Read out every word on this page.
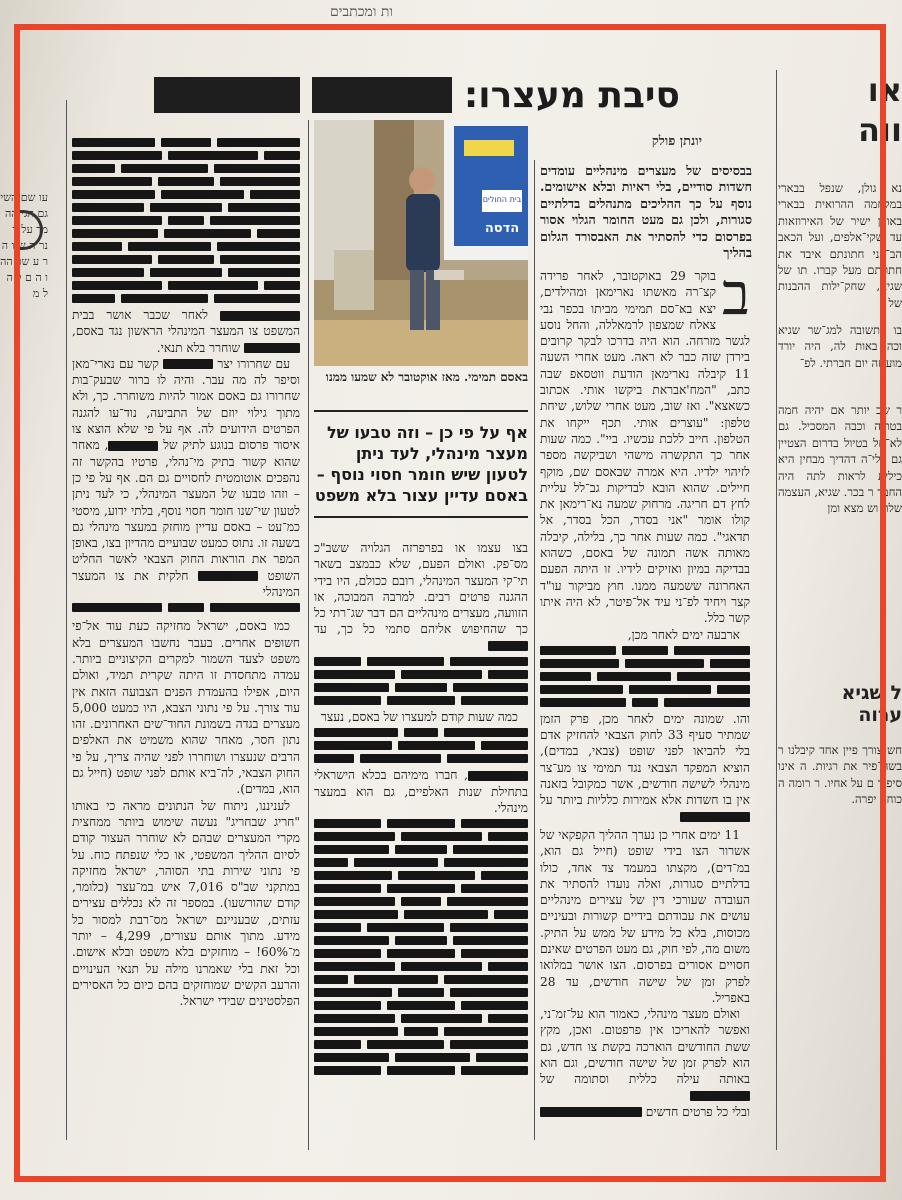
ות ומכתבים
עו שם השי גם הגי הה מד על ר נר ה ש ו ה ר ע שכ הה ו ה ם ל ה ל מ
או
ווה
נא גולן, שנפל בבארי במלחמה ההרואית בבארי באופן ישיר של האירוזאות עד שקי־אלפים, ועל הכאב הב־פני חתונתם איבד את חתונתם מעל קברו. תו של שגיא, שחק־ילות ההבנות של
בו בתשובה למג־שר שגיא וכה באות לה, היה יורד מוע־זה יום חברתי. לפ־
ר שב יותר אם יהיה חמה בטרוה וכבה המסכיל. גם לא־חל בטיול בדרום הצטיין גם בלי־ה דהדיך מבחין היא כילית לראות לתה היה החבר ר בכר. שגיא, העצמה שלו, וש מצא ומן
ל שגיא
ערוה
חש צורך פיין אחד קיבלנו ר בשה־פיר את רגיות. ה אינו סיפור ם על אחיו. ר רומה ה כוחו, יפרה.
סיבת מעצרו:
יונתן פולק
בבסיסים של מעצרים מינהליים עומדים חשדות סודיים, בלי ראיות ובלא אישומים. נוסף על כך ההליכים מתנהלים בדלתיים סגורות, ולכן גם מעט החומר הגלוי אסור בפרסום כדי להסתיר את האבסורד הגלום בהליך
בית החולים
הדסה
באסם תמימי. מאז אוקטובר לא שמעו ממנו
אף על פי כן – וזה טבעו של מעצר מינהלי, לעד ניתן לטעון שיש חומר חסוי נוסף – באסם עדיין עצור בלא משפט

ב
בוקר 29 באוקטובר, לאחר פרידה קצ־רה מאשתו נארימאן ומהילדים, יצא באּ־סם תמימי מביתו בכפר נבי צאלח שמצפון לרמאללה, והחל נוסע לגשר מזרחה. הוא היה בדרכו לבקר קרובים בירדן שזה כבר לא ראה. מעט אחרי השעה 11 קיבלה נארימאן הודעת ווטסאפ שבה כתב, "המח'אבראת ביקשו אותי. אכתוב כשאצא". ואז שוב, מעט אחרי שלוש, שיחת טלפון: "עוצרים אותי. תכף ייקחו את הטלפון. חייב ללכת עכשיו. ביי". כמה שעות אחר כך התקשרה מישהי ושביקשה מספר לזיהוי ילדיו. היא אמרה שבאסם שם, מוקף חיילים. שהוא הובא לבדיקות גב־לל עליית לחץ דם חריגה. מרחוק שמעה נא־רימאן את קולו אומר "אני בסדר, הכל בסדר, אל תדאגי". כמה שעות אחר כך, בלילה, קיבלה מאותה אשה תמונה של באסם, כשהוא בבדיקה במיון ואזיקים לידיו. זו היתה הפעם האחרונה ששמעה ממנו. חוץ מביקור עו"ד קצר ויחיד לפ־ני עיד אל־פיטר, לא היה איתו קשר כלל.

ארבעה ימים לאחר מכן,

והו. שמונה ימים לאחר מכן, פרק הזמן שמתיר סעיף 33 לחוק הצבאי להחזיק אדם בלי להביאו לפני שופט (צבאי, במדים), הוציא המפקד הצבאי נגד תמימי צו מע־צר מינהלי לשישה חודשים, אשר כמקובל בזאנה אין בו חשדות אלא אמירות כלליות ביותר על

11 ימים אחרי כן נערך ההליך הקפקאי של אשרור הצו בידי שופט (חייל גם הוא, במ־דים), מקצתו במעמד צד אחד, כולו בדלתיים סגורות, ואלה נועדו להסתיר את העובדה שעורכי דין של עצירים מינהליים עושים את עבודתם בידיים קשורות ובעיניים מכוסות, בלא כל מידע של ממש על התיק. משום מה, לפי חוק, גם מעט הפרטים שאינם חסויים אסורים בפרסום. הצו אושר במלואו לפרק זמן של שישה חודשים, עד 28 באפריל.

ואולם מעצר מינהלי, כאמור הוא על־זמ־ני, ואפשר להאריכו אין פרפטום. ואכן, מקץ ששת החודשים הוארכה בקשת צו חדש, גם הוא לפרק זמן של שישה חודשים, וגם הוא באותה עילה כללית וסתומה של

ובלי כל פרטים חדשים

בצו עצמו או בפרפרזה הגלויה ששב"כ מס־פק. ואולם הפעם, שלא כבמצב בשאר תי־קי המעצר המינהלי, רובם ככולם, היו בידי ההגנה פרטים רבים. למרבה המבוכה, או הזוועה, מעצרים מינהליים הם דבר שג־רתי כל כך שהחיפוש אליהם סתמי כל כך, עד

כמה שעות קודם למעצרו של באסם, נעצר

, חברו מימיהם בכלא הישראלי בתחילת שנות האלפיים, גם הוא במעצר מינהלי.

לאחר שכבר אושר בבית המשפט צו המעצר המינהלי הראשון נגד באסם,  שוחרר בלא תנאי.

עם שחרורו יצר  קשר עם נארי־מאן וסיפר לה מה עבר. והיה לו ברור שבעק־בות שחרורו גם באסם אמור להיות משוחרר. כך, ולא מתוך גילוי יוזם של התביעה, נוד־עו להגנה הפרטים הידועים לה. אף על פי שלא הוצא צו איסור פרסום בנוגע לתיק של , מאחר שהוא קשור בתיק מי־נהלי, פרטיו בהקשר זה נהפכים אוטומטית לחסויים גם הם. אף על פי כן – וזהו טבעו של המעצר המינהלי, כי לעד ניתן לטעון שי־שנו חומר חסוי נוסף, בלתי ידוע, מיסטי כמ־עט – באסם עדיין מוחזק במעצר מינהלי גם בשעה זו. נתוס כמעט שבועיים מהדיון בצו, באופן המפר את הוראות החוק הצבאי לאשר החליט השופט  חלקית את צו המעצר המינהלי

כמו באסם, ישראל מחזיקה כעת עוד אל־פי חשופים אחרים. בעבר נחשבו המעצרים בלא משפט לצעד השמור למקרים הקיצוניים ביותר. עמדה מתחסדת זו היתה שקרית תמיד, ואולם היום, אפילו בהעמדת הפנים הצבועה הזאת אין עוד צורך. על פי נתוני הצבא, היו כמעט 5,000 מעצרים בגדה בשמונת החוד־שים האחרונים. זהו נתון חסר, מאחר שהוא משמיט את האלפים הרבים שנעצרו ושוחררו לפני שהיה צריך, על פי החוק הצבאי, לה־ביא אותם לפני שופט (חייל גם הוא, במדים).

לעניננו, ניתוח של הנתונים מראה כי באותו "חריג שבחריג" נעשה שימוש ביותר ממחצית מקרי המעצרים שבהם לא שוחרר העצור קודם לסיום ההליך המשפטי, או כלי שנפתח כוח. על פי נתוני שירות בתי הסוהר, ישראל מחזיקה במתקני שב"ס 7,016 איש במ־עצר (כלומר, קודם שהורשעו). במספר זה לא נכללים עצירים עזתים, שבעניינם ישראל מס־רבת למסור כל מידע. מתוך אותם עצורים, 4,299 – יותר מ־60%! – מוחזקים בלא משפט ובלא אישום. וכל זאת בלי שאמרנו מילה על תנאי העינויים והרעב הקשים שמוחזקים בהם כיום כל האסירים הפלסטינים שבידי ישראל.
